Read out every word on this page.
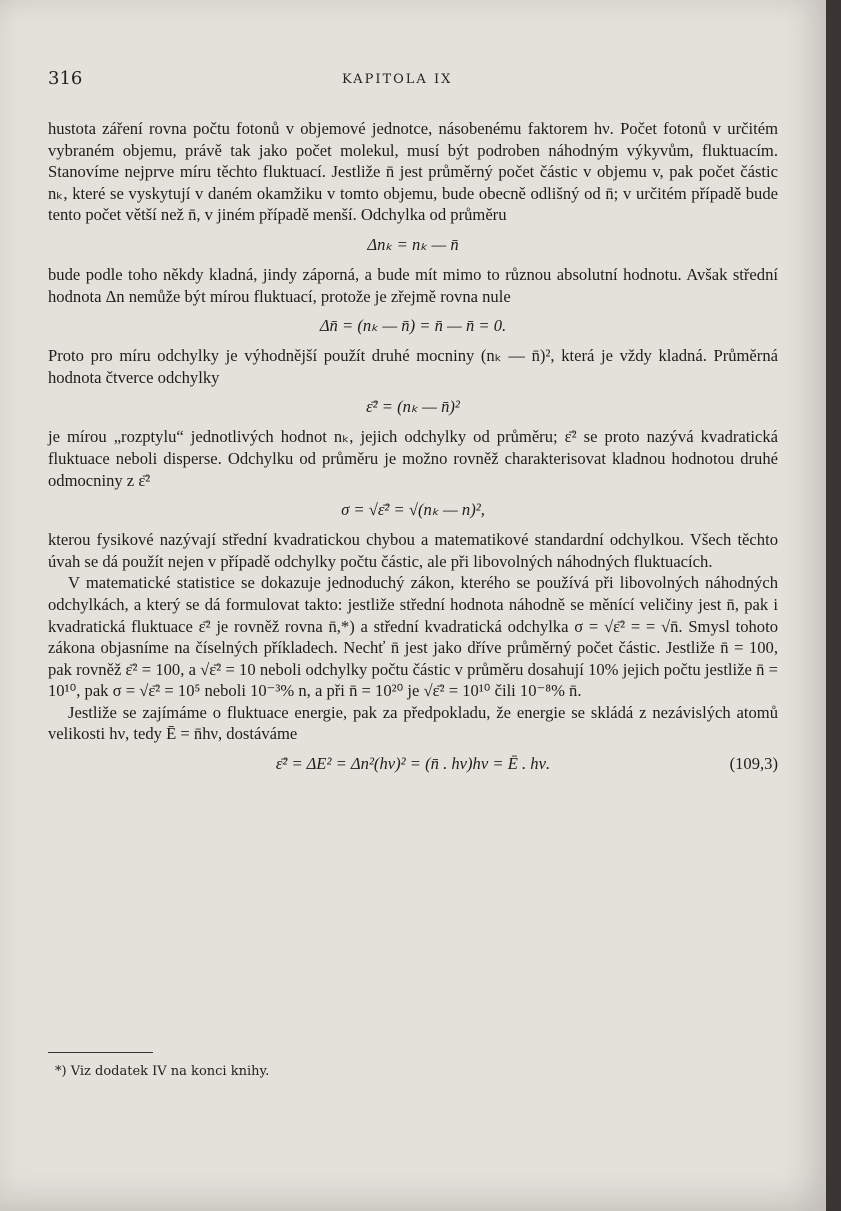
316	KAPITOLA IX

hustota záření rovna počtu fotonů v objemové jednotce, násobenému faktorem hν. Počet fotonů v určitém vybraném objemu, právě tak jako počet molekul, musí být podroben náhodným výkyvům, fluktuacím. Stanovíme nejprve míru těchto fluktuací. Jestliže n̄ jest průměrný počet částic v objemu v, pak počet částic nₖ, které se vyskytují v daném okamžiku v tomto objemu, bude obecně odlišný od n̄; v určitém případě bude tento počet větší než n̄, v jiném případě menší. Odchylka od průměru

Δnₖ = nₖ — n̄

bude podle toho někdy kladná, jindy záporná, a bude mít mimo to různou absolutní hodnotu. Avšak střední hodnota Δn nemůže být mírou fluktuací, protože je zřejmě rovna nule

Δn̄ = (nₖ — n̄) = n̄ — n̄ = 0.

Proto pro míru odchylky je výhodnější použít druhé mocniny (nₖ — n̄)², která je vždy kladná. Průměrná hodnota čtverce odchylky

ε̄² = (nₖ — n̄)²

je mírou „rozptylu“ jednotlivých hodnot nₖ, jejich odchylky od průměru; ε̄² se proto nazývá kvadratická fluktuace neboli disperse. Odchylku od průměru je možno rovněž charakterisovat kladnou hodnotou druhé odmocniny z ε̄²

σ = √ε̄² = √(nₖ — n)²,

kterou fysikové nazývají střední kvadratickou chybou a matematikové standardní odchylkou. Všech těchto úvah se dá použít nejen v případě odchylky počtu částic, ale při libovolných náhodných fluktuacích.

V matematické statistice se dokazuje jednoduchý zákon, kterého se používá při libovolných náhodných odchylkách, a který se dá formulovat takto: jestliže střední hodnota náhodně se měnící veličiny jest n̄, pak i kvadratická fluktuace ε̄² je rovněž rovna n̄,*) a střední kvadratická odchylka σ = √ε̄² = = √n̄. Smysl tohoto zákona objasníme na číselných příkladech. Nechť n̄ jest jako dříve průměrný počet částic. Jestliže n̄ = 100, pak rovněž ε̄² = 100, a √ε̄² = 10 neboli odchylky počtu částic v průměru dosahují 10% jejich počtu jestliže n̄ = 10¹⁰, pak σ = √ε̄² = 10⁵ neboli 10⁻³% n, a při n̄ = 10²⁰ je √ε̄² = 10¹⁰ čili 10⁻⁸% n̄.

Jestliže se zajímáme o fluktuace energie, pak za předpokladu, že energie se skládá z nezávislých atomů velikosti hν, tedy Ē = n̄hν, dostáváme

ε̄² = ΔE² = Δn²(hν)² = (n̄ . hν)hν = Ē . hν.	(109,3)
*) Viz dodatek IV na konci knihy.
